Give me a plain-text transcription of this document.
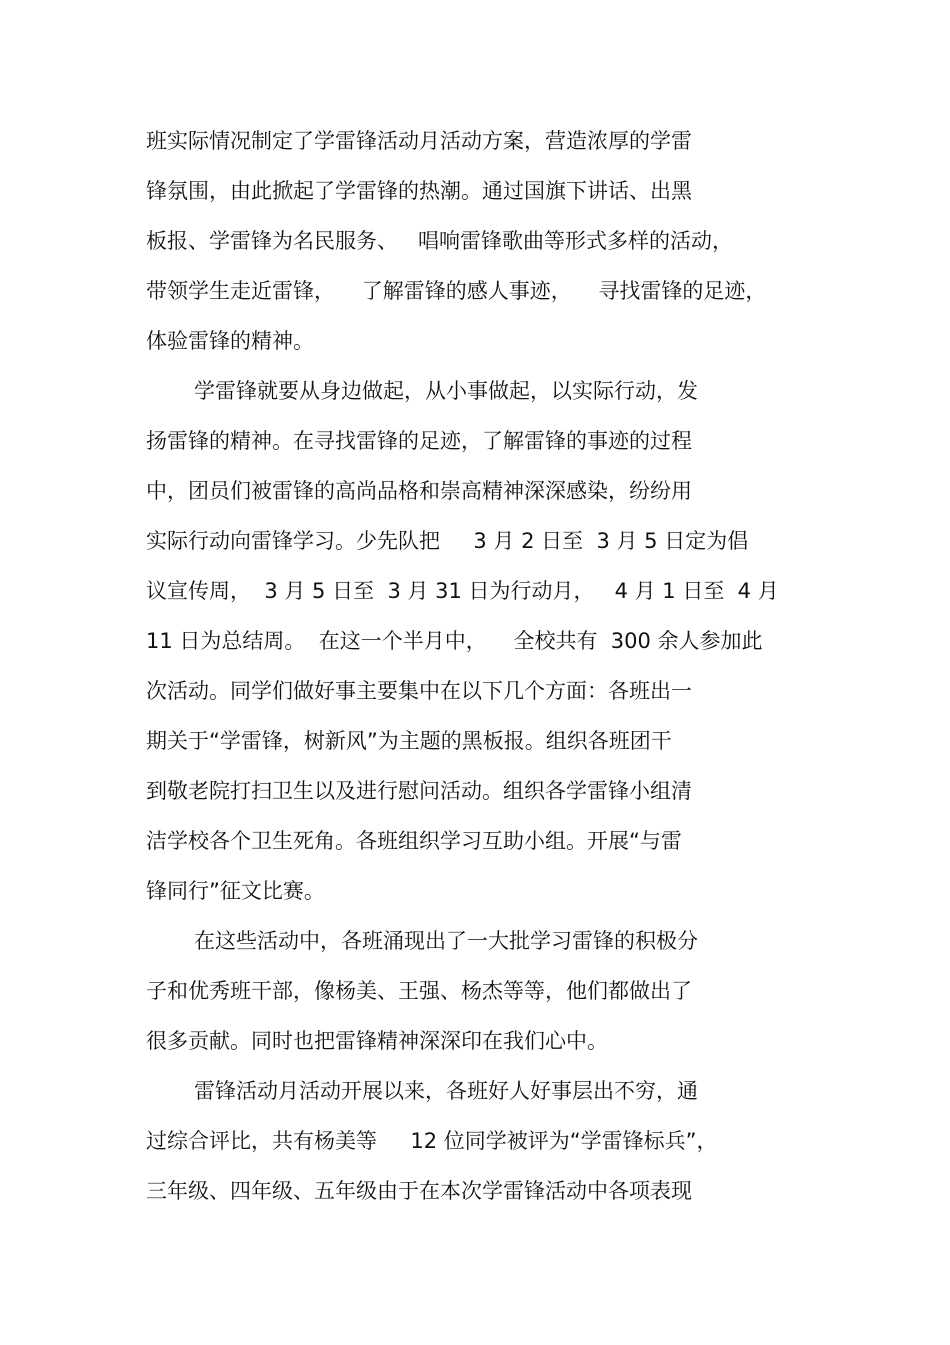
班实际情况制定了学雷锋活动月活动方案，营造浓厚的学雷
锋氛围，由此掀起了学雷锋的热潮。通过国旗下讲话、出黑
板报、学雷锋为名民服务、   唱响雷锋歌曲等形式多样的活动，
带领学生走近雷锋，    了解雷锋的感人事迹，    寻找雷锋的足迹，
体验雷锋的精神。
学雷锋就要从身边做起，从小事做起，以实际行动，发
扬雷锋的精神。在寻找雷锋的足迹，了解雷锋的事迹的过程
中，团员们被雷锋的高尚品格和崇高精神深深感染，纷纷用
实际行动向雷锋学习。少先队把     3 月 2 日至  3 月 5 日定为倡
议宣传周，  3 月 5 日至  3 月 31 日为行动月，   4 月 1 日至  4 月
11 日为总结周。  在这一个半月中，    全校共有  300 余人参加此
次活动。同学们做好事主要集中在以下几个方面：各班出一
期关于“学雷锋，树新风”为主题的黑板报。组织各班团干
到敬老院打扫卫生以及进行慰问活动。组织各学雷锋小组清
洁学校各个卫生死角。各班组织学习互助小组。开展“与雷
锋同行”征文比赛。
在这些活动中，各班涌现出了一大批学习雷锋的积极分
子和优秀班干部，像杨美、王强、杨杰等等，他们都做出了
很多贡献。同时也把雷锋精神深深印在我们心中。
雷锋活动月活动开展以来，各班好人好事层出不穷，通
过综合评比，共有杨美等     12 位同学被评为“学雷锋标兵”，
三年级、四年级、五年级由于在本次学雷锋活动中各项表现
